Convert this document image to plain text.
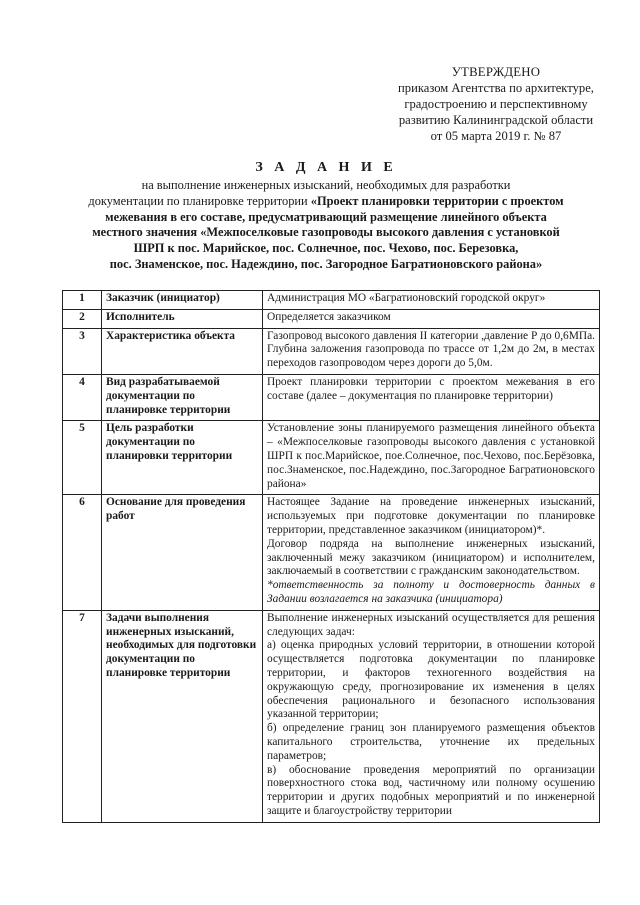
УТВЕРЖДЕНО
приказом Агентства по архитектуре,
градостроению и перспективному
развитию Калининградской области
от 05 марта 2019 г. № 87
З А Д А Н И Е
на выполнение инженерных изысканий, необходимых для разработки
документации по планировке территории «Проект планировки территории с проектом
межевания в его составе, предусматривающий размещение линейного объекта
местного значения «Межпоселковые газопроводы высокого давления с установкой
ШРП к пос. Марийское, пос. Солнечное, пос. Чехово, пос. Березовка,
пос. Знаменское, пос. Надеждино, пос. Загородное Багратионовского района»
1	Заказчик (инициатор)	Администрация МО «Багратионовский городской округ»

2	Исполнитель	Определяется заказчиком

3	Характеристика объекта	Газопровод высокого давления II категории ,давление Р до 0,6МПа. Глубина заложения газопровода по трассе от 1,2м до 2м, в местах переходов газопроводом через дороги до 5,0м.

4	Вид разрабатываемой документации по планировке территории	Проект планировки территории с проектом межевания в его составе (далее – документация по планировке территории)

5	Цель разработки документации по планировки территории	Установление зоны планируемого размещения линейного объекта – «Межпоселковые газопроводы высокого давления с установкой ШРП к пос.Марийское, пое.Солнечное, пос.Чехово, пос.Берёзовка, пос.Знаменское, пос.Надеждино, пос.Загородное Багратионовского района»

6	Основание для проведения работ	Настоящее Задание на проведение инженерных изысканий, используемых при подготовке документации по планировке территории, представленное заказчиком (инициатором)*.
Договор подряда на выполнение инженерных изысканий, заключенный межу заказчиком (инициатором) и исполнителем, заключаемый в соответствии с гражданским законодательством.
*ответственность за полноту и достоверность данных в Задании возлагается на заказчика (инициатора)

7	Задачи выполнения инженерных изысканий, необходимых для подготовки документации по планировке территории	Выполнение инженерных изысканий осуществляется для решения следующих задач:
а) оценка природных условий территории, в отношении которой осуществляется подготовка документации по планировке территории, и факторов техногенного воздействия на окружающую среду, прогнозирование их изменения в целях обеспечения рационального и безопасного использования указанной территории;
б) определение границ зон планируемого размещения объектов капитального строительства, уточнение их предельных параметров;
в) обоснование проведения мероприятий по организации поверхностного стока вод, частичному или полному осушению территории и других подобных мероприятий и по инженерной защите и благоустройству территории
